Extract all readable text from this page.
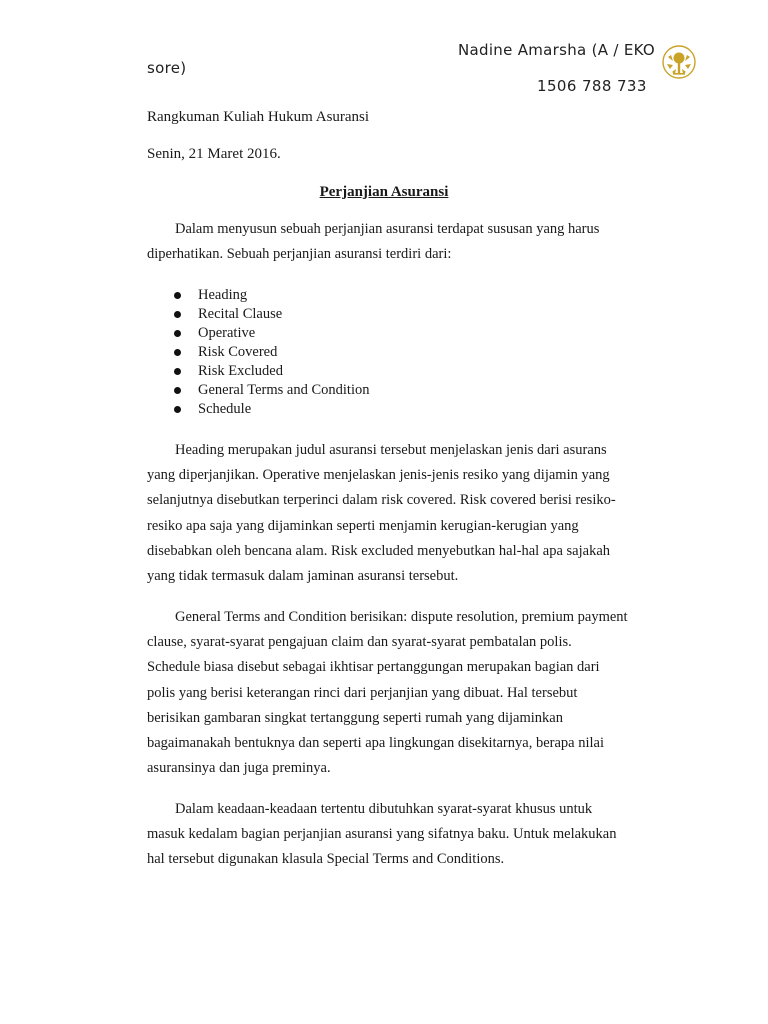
Nadine Amarsha (A / EKO
sore)
1506 788 733
Rangkuman Kuliah Hukum Asuransi
Senin, 21 Maret 2016.
Perjanjian Asuransi
Dalam menyusun sebuah perjanjian asuransi terdapat sususan yang harus
diperhatikan. Sebuah perjanjian asuransi terdiri dari:
Heading
Recital Clause
Operative
Risk Covered
Risk Excluded
General Terms and Condition
Schedule
Heading merupakan judul asuransi tersebut menjelaskan jenis dari asurans
yang diperjanjikan. Operative menjelaskan jenis-jenis resiko yang dijamin yang
selanjutnya disebutkan terperinci dalam risk covered. Risk covered berisi resiko-
resiko apa saja yang dijaminkan seperti menjamin kerugian-kerugian yang
disebabkan oleh bencana alam. Risk excluded menyebutkan hal-hal apa sajakah
yang tidak termasuk dalam jaminan asuransi tersebut.
General Terms and Condition berisikan: dispute resolution, premium payment
clause, syarat-syarat pengajuan claim dan syarat-syarat pembatalan polis.
Schedule biasa disebut sebagai ikhtisar pertanggungan merupakan bagian dari
polis yang berisi keterangan rinci dari perjanjian yang dibuat. Hal tersebut
berisikan gambaran singkat tertanggung seperti rumah yang dijaminkan
bagaimanakah bentuknya dan seperti apa lingkungan disekitarnya, berapa nilai
asuransinya dan juga preminya.
Dalam keadaan-keadaan tertentu dibutuhkan syarat-syarat khusus untuk
masuk kedalam bagian perjanjian asuransi yang sifatnya baku. Untuk melakukan
hal tersebut digunakan klasula Special Terms and Conditions.
